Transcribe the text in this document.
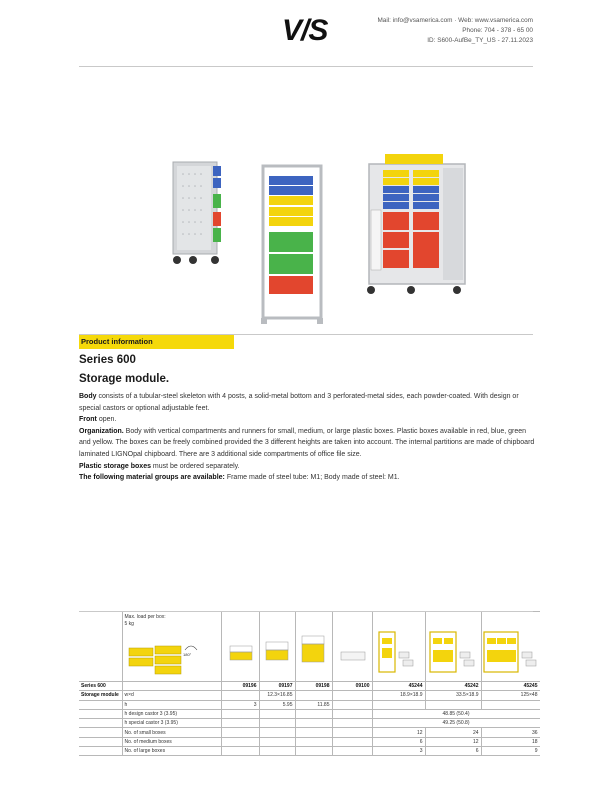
V/S	Mail: info@vsamerica.com · Web: www.vsamerica.com
Phone: 704 - 378 - 65 00
ID: S600-AufBe_TY_US - 27.11.2023
Product information
Series 600
Storage module.

Body consists of a tubular-steel skeleton with 4 posts, a solid-metal bottom and 3 perforated-metal sides, each powder-coated. With design or special castors or optional adjustable feet.

Front open.

Organization. Body with vertical compartments and runners for small, medium, or large plastic boxes. Plastic boxes available in red, blue, green and yellow. The boxes can be freely combined provided the 3 different heights are taken into account. The internal partitions are made of chipboard laminated LIGNOpal chipboard. There are 3 additional side compartments of office file size.

Plastic storage boxes must be ordered separately.

The following material groups are available: Frame made of steel tube: M1; Body made of steel: M1.

	Max. load per box:
5 kg
180°

Series 600		09196	09197	09198	09100	45244	45242	45245
Storage module	w×d		12.3×16.85			18.9×18.9	33.5×18.9	125×48
	h	3	5.95	11.85				
	h design castor 3 (3.95)					48.85 (50.4)		
	h special castor 3 (3.95)					49.25 (50.8)		
	No. of small boxes					12	24	36
	No. of medium boxes					6	12	18
	No. of large boxes					3	6	9
